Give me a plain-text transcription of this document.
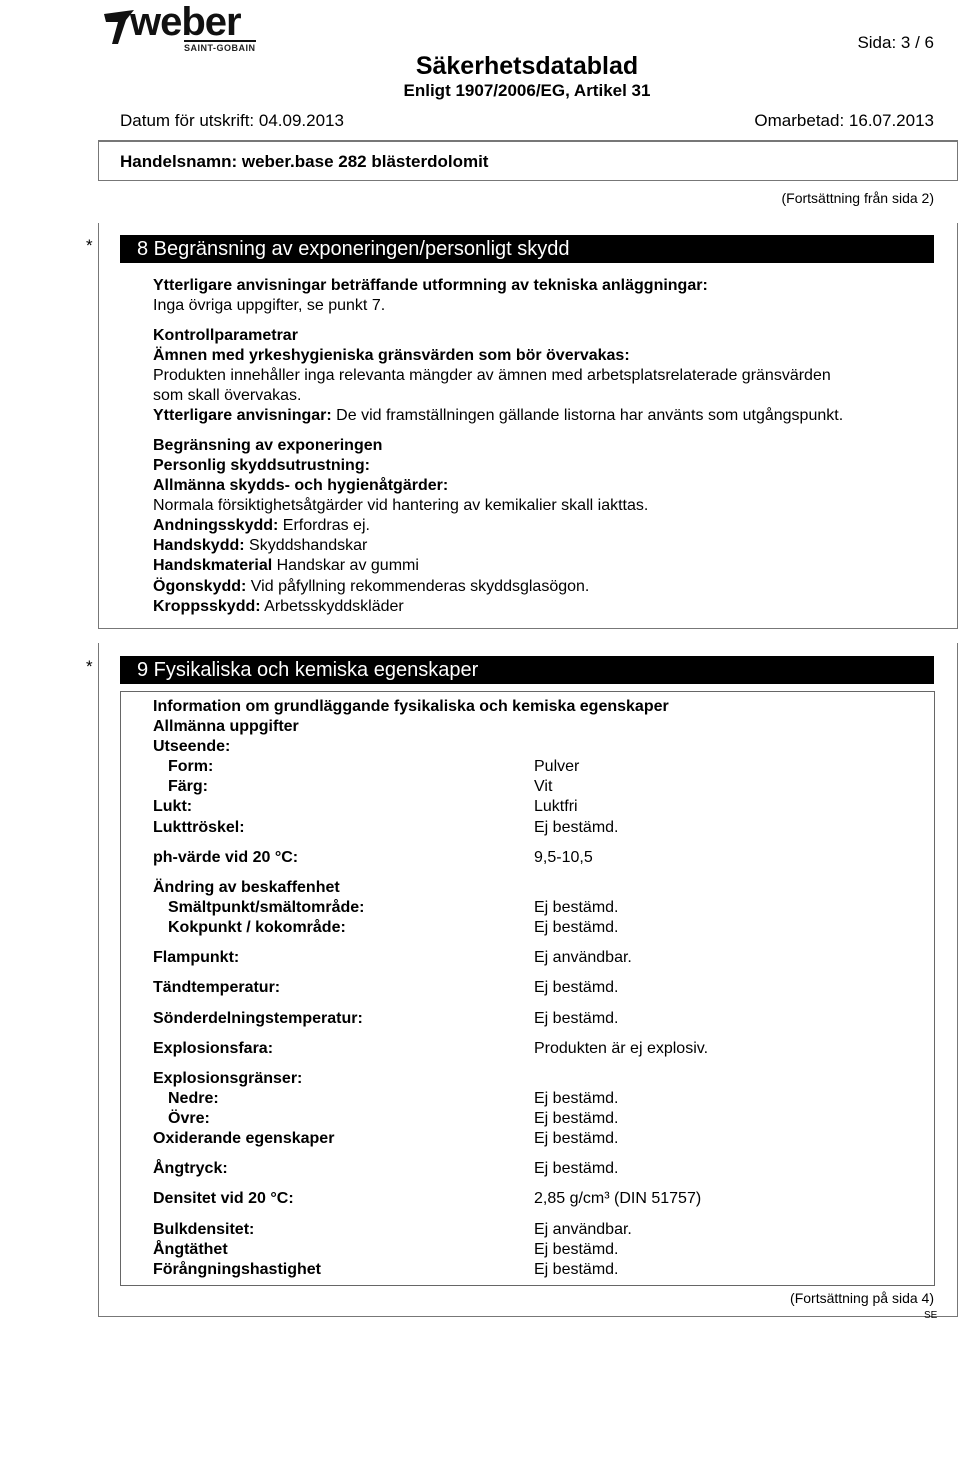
weber
SAINT-GOBAIN	Sida: 3 / 6
Säkerhetsdatablad
Enligt 1907/2006/EG, Artikel 31
Datum för utskrift: 04.09.2013	Omarbetad: 16.07.2013
Handelsnamn: weber.base 282 blästerdolomit
(Fortsättning från sida 2)
* 8 Begränsning av exponeringen/personligt skydd
Ytterligare anvisningar beträffande utformning av tekniska anläggningar:
Inga övriga uppgifter, se punkt 7.
Kontrollparametrar
Ämnen med yrkeshygieniska gränsvärden som bör övervakas:
Produkten innehåller inga relevanta mängder av ämnen med arbetsplatsrelaterade gränsvärden
som skall övervakas.
Ytterligare anvisningar: De vid framställningen gällande listorna har använts som utgångspunkt.
Begränsning av exponeringen
Personlig skyddsutrustning:
Allmänna skydds- och hygienåtgärder:
Normala försiktighetsåtgärder vid hantering av kemikalier skall iakttas.
Andningsskydd: Erfordras ej.
Handskydd: Skyddshandskar
Handskmaterial Handskar av gummi
Ögonskydd: Vid påfyllning rekommenderas skyddsglasögon.
Kroppsskydd: Arbetsskyddskläder
* 9 Fysikaliska och kemiska egenskaper
Information om grundläggande fysikaliska och kemiska egenskaper
Allmänna uppgifter
Utseende:
Form:	Pulver
Färg:	Vit
Lukt:	Luktfri
Lukttröskel:	Ej bestämd.
ph-värde vid 20 °C:	9,5-10,5
Ändring av beskaffenhet
Smältpunkt/smältområde:	Ej bestämd.
Kokpunkt / kokområde:	Ej bestämd.
Flampunkt:	Ej användbar.
Tändtemperatur:	Ej bestämd.
Sönderdelningstemperatur:	Ej bestämd.
Explosionsfara:	Produkten är ej explosiv.
Explosionsgränser:
Nedre:	Ej bestämd.
Övre:	Ej bestämd.
Oxiderande egenskaper	Ej bestämd.
Ångtryck:	Ej bestämd.
Densitet vid 20 °C:	2,85 g/cm³ (DIN 51757)
Bulkdensitet:	Ej användbar.
Ångtäthet	Ej bestämd.
Förångningshastighet	Ej bestämd.
(Fortsättning på sida 4)
SE
